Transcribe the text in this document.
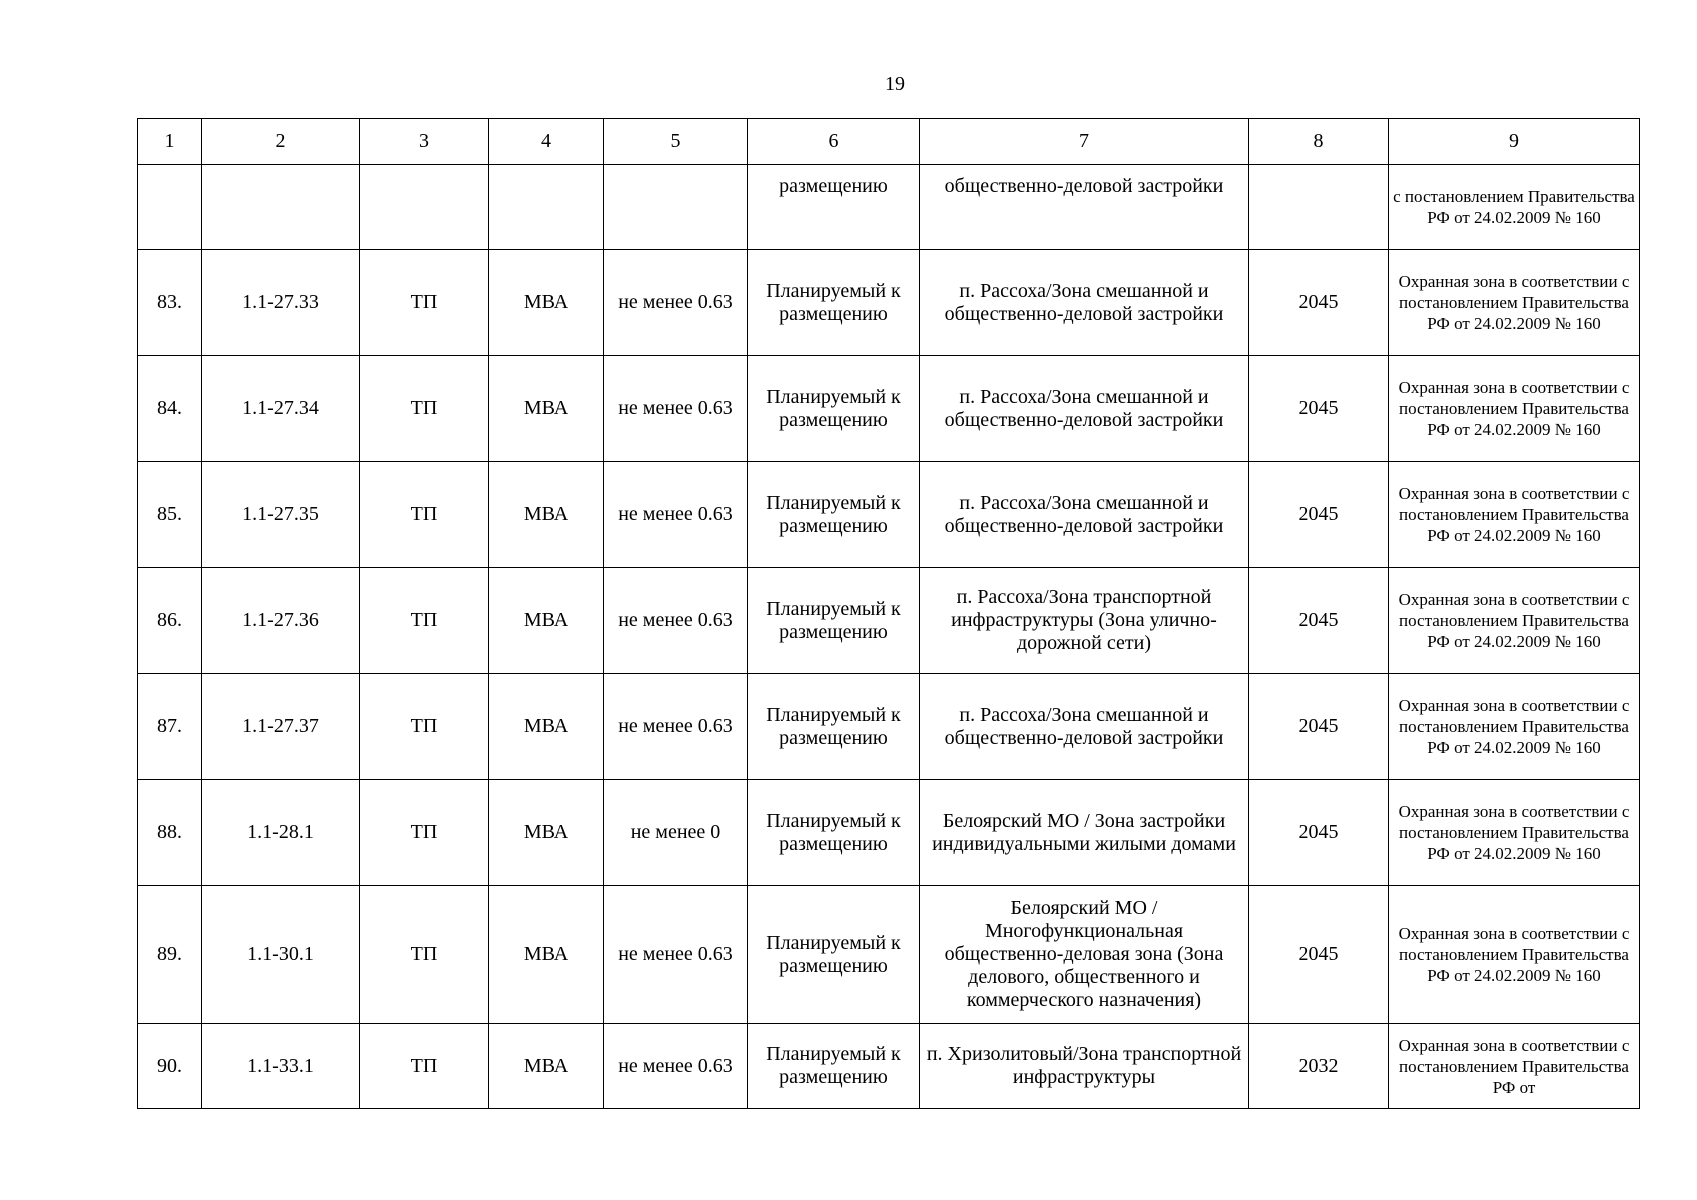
19
1	2	3	4	5	6	7	8	9
					размещению	общественно-деловой застройки		с постановлением Правительства РФ от 24.02.2009 № 160
83.	1.1-27.33	ТП	МВА	не менее 0.63	Планируемый к размещению	п. Рассоха/Зона смешанной и общественно-деловой застройки	2045	Охранная зона в соответствии с постановлением Правительства РФ от 24.02.2009 № 160
84.	1.1-27.34	ТП	МВА	не менее 0.63	Планируемый к размещению	п. Рассоха/Зона смешанной и общественно-деловой застройки	2045	Охранная зона в соответствии с постановлением Правительства РФ от 24.02.2009 № 160
85.	1.1-27.35	ТП	МВА	не менее 0.63	Планируемый к размещению	п. Рассоха/Зона смешанной и общественно-деловой застройки	2045	Охранная зона в соответствии с постановлением Правительства РФ от 24.02.2009 № 160
86.	1.1-27.36	ТП	МВА	не менее 0.63	Планируемый к размещению	п. Рассоха/Зона транспортной инфраструктуры (Зона улично-дорожной сети)	2045	Охранная зона в соответствии с постановлением Правительства РФ от 24.02.2009 № 160
87.	1.1-27.37	ТП	МВА	не менее 0.63	Планируемый к размещению	п. Рассоха/Зона смешанной и общественно-деловой застройки	2045	Охранная зона в соответствии с постановлением Правительства РФ от 24.02.2009 № 160
88.	1.1-28.1	ТП	МВА	не менее 0	Планируемый к размещению	Белоярский МО / Зона застройки индивидуальными жилыми домами	2045	Охранная зона в соответствии с постановлением Правительства РФ от 24.02.2009 № 160
89.	1.1-30.1	ТП	МВА	не менее 0.63	Планируемый к размещению	Белоярский МО / Многофункциональная общественно-деловая зона (Зона делового, общественного и коммерческого назначения)	2045	Охранная зона в соответствии с постановлением Правительства РФ от 24.02.2009 № 160
90.	1.1-33.1	ТП	МВА	не менее 0.63	Планируемый к размещению	п. Хризолитовый/Зона транспортной инфраструктуры	2032	Охранная зона в соответствии с постановлением Правительства РФ от
